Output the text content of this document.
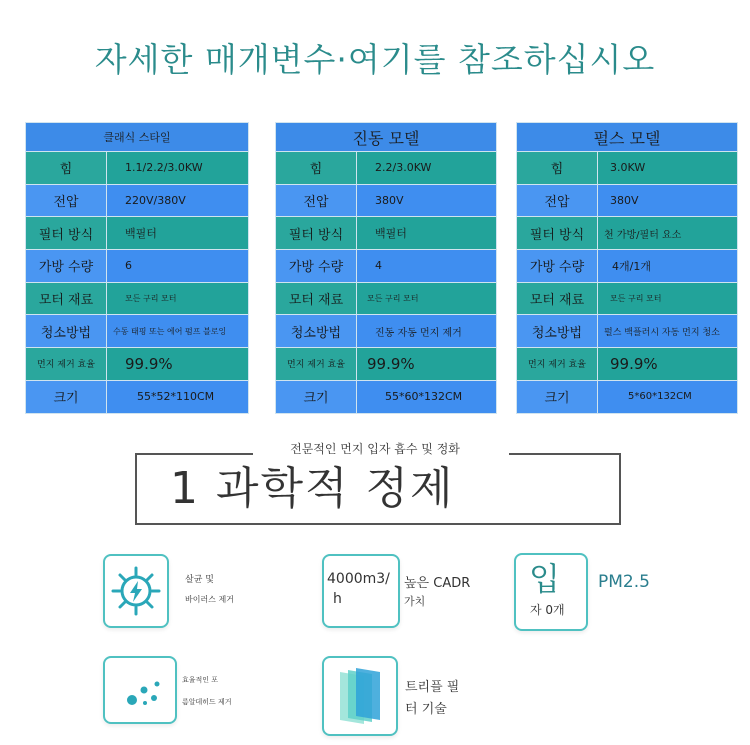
자세한 매개변수·여기를 참조하십시오
클래식 스타일	
힘	1.1/2.2/3.0KW
전압	220V/380V
필터 방식	백필터
가방 수량	6
모터 재료	모든 구리 모터
청소방법	수동 태핑 또는 에어 펌프 블로잉
먼지 제거 효율	99.9%
크기	55*52*110CM
진동 모델	
힘	2.2/3.0KW
전압	380V
필터 방식	백필터
가방 수량	4
모터 재료	모든 구리 모터
청소방법	진동 자동 먼지 제거
먼지 제거 효율	99.9%
크기	55*60*132CM
펄스 모델	
힘	3.0KW
전압	380V
필터 방식	천 가방/필터 요소
가방 수량	4개/1개
모터 재료	모든 구리 모터
청소방법	펄스 백플러시 자동 먼지 청소
먼지 제거 효율	99.9%
크기	5*60*132CM
전문적인 먼지 입자 흡수 및 정화
1 과학적 정제
살균 및
바이러스 제거
4000m3/
h
높은 CADR
가치
입
자 0개
PM2.5
효율적인 포
름알데히드 제거
트리플 필
터 기술
